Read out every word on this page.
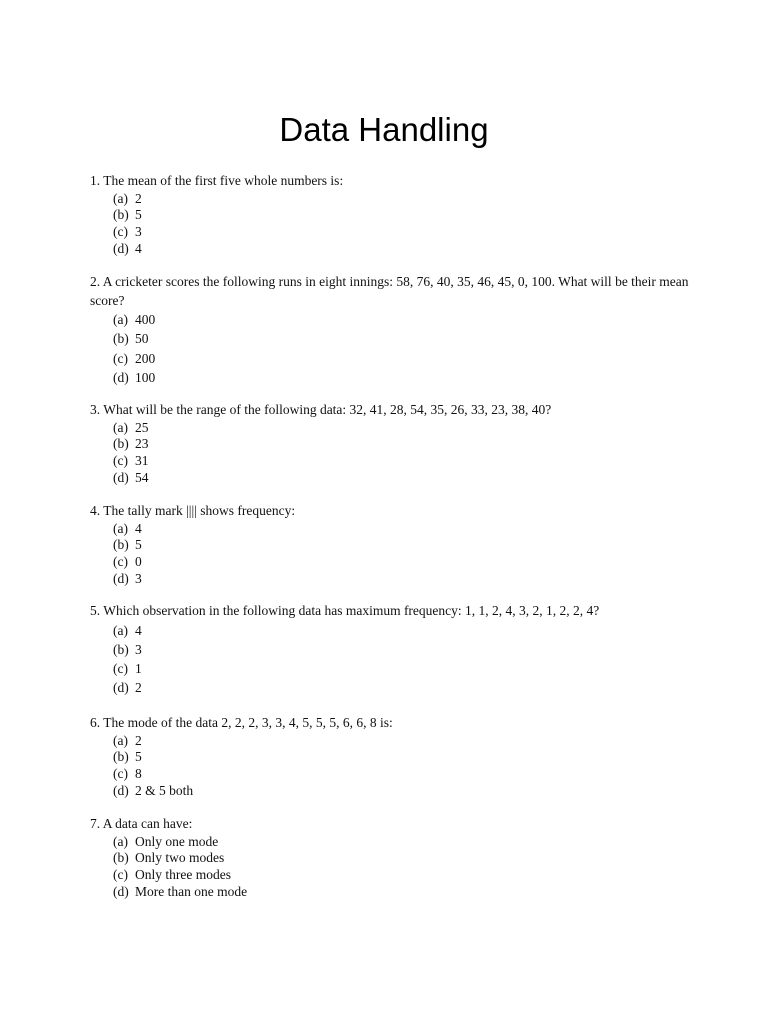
Data Handling

1. The mean of the first five whole numbers is:

(a) 2
(b) 5
(c) 3
(d) 4

2. A cricketer scores the following runs in eight innings: 58, 76, 40, 35, 46, 45, 0, 100. What will be their mean score?

(a) 400
(b) 50
(c) 200
(d) 100

3. What will be the range of the following data: 32, 41, 28, 54, 35, 26, 33, 23, 38, 40?

(a) 25
(b) 23
(c) 31
(d) 54

4. The tally mark |||| shows frequency:

(a) 4
(b) 5
(c) 0
(d) 3

5. Which observation in the following data has maximum frequency: 1, 1, 2, 4, 3, 2, 1, 2, 2, 4?

(a) 4
(b) 3
(c) 1
(d) 2

6. The mode of the data 2, 2, 2, 3, 3, 4, 5, 5, 5, 6, 6, 8 is:

(a) 2
(b) 5
(c) 8
(d) 2 & 5 both

7. A data can have:

(a) Only one mode
(b) Only two modes
(c) Only three modes
(d) More than one mode
